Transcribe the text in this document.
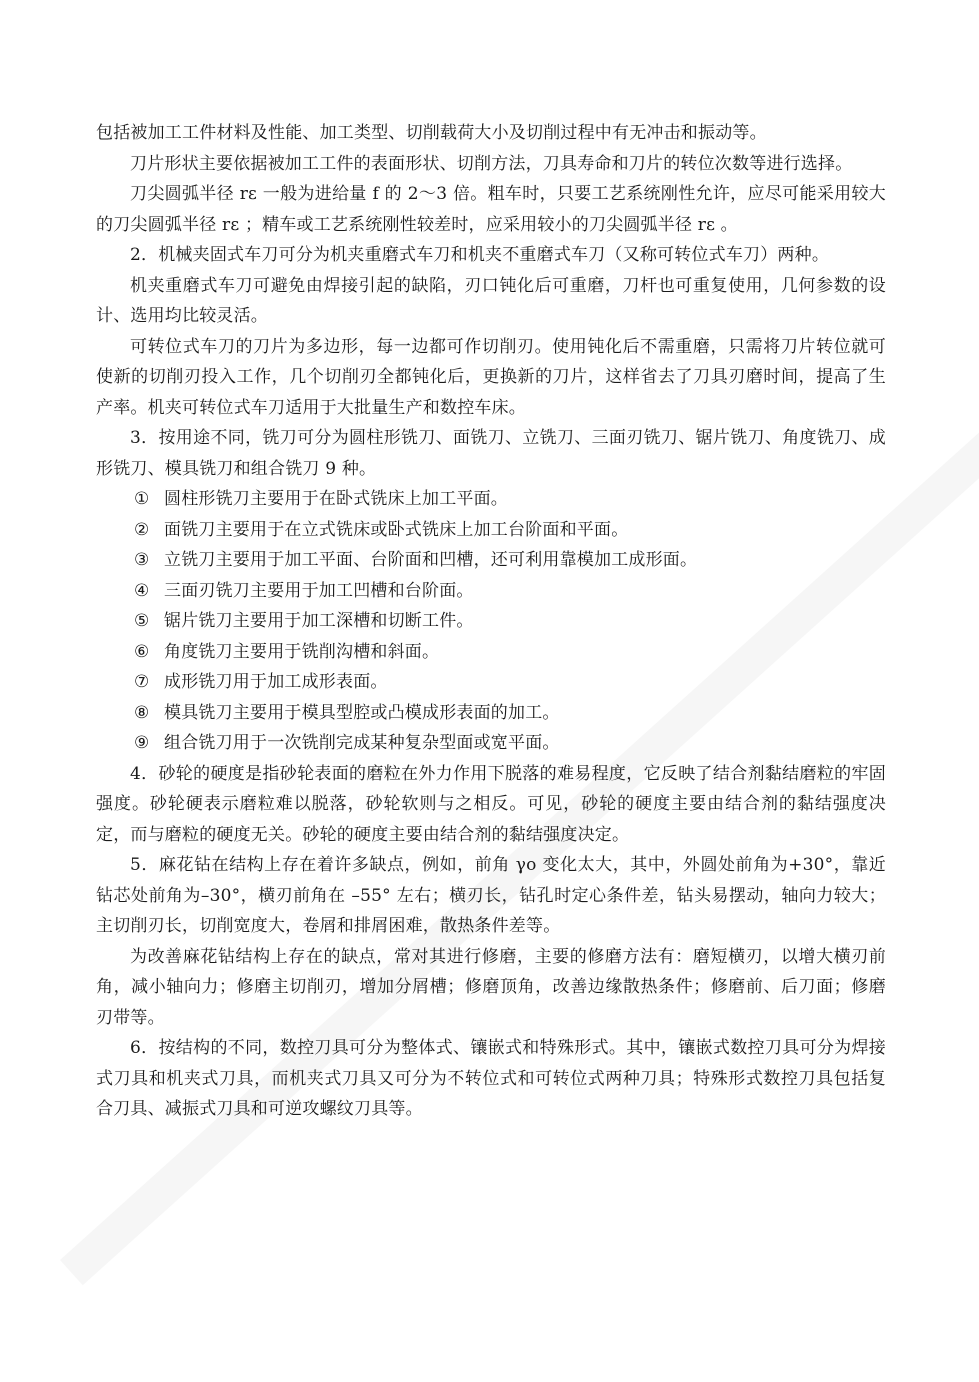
包括被加工工件材料及性能、加工类型、切削载荷大小及切削过程中有无冲击和振动等。

刀片形状主要依据被加工工件的表面形状、切削方法，刀具寿命和刀片的转位次数等进行选择。

刀尖圆弧半径 rε 一般为进给量 f 的 2～3 倍。粗车时，只要工艺系统刚性允许，应尽可能采用较大的刀尖圆弧半径 rε ；精车或工艺系统刚性较差时，应采用较小的刀尖圆弧半径 rε 。

2．机械夹固式车刀可分为机夹重磨式车刀和机夹不重磨式车刀（又称可转位式车刀）两种。

机夹重磨式车刀可避免由焊接引起的缺陷，刃口钝化后可重磨，刀杆也可重复使用，几何参数的设计、选用均比较灵活。

可转位式车刀的刀片为多边形，每一边都可作切削刃。使用钝化后不需重磨，只需将刀片转位就可使新的切削刃投入工作，几个切削刃全都钝化后，更换新的刀片，这样省去了刀具刃磨时间，提高了生产率。机夹可转位式车刀适用于大批量生产和数控车床。

3．按用途不同，铣刀可分为圆柱形铣刀、面铣刀、立铣刀、三面刃铣刀、锯片铣刀、角度铣刀、成形铣刀、模具铣刀和组合铣刀 9 种。

① 圆柱形铣刀主要用于在卧式铣床上加工平面。

② 面铣刀主要用于在立式铣床或卧式铣床上加工台阶面和平面。

③ 立铣刀主要用于加工平面、台阶面和凹槽，还可利用靠模加工成形面。

④ 三面刃铣刀主要用于加工凹槽和台阶面。

⑤ 锯片铣刀主要用于加工深槽和切断工件。

⑥ 角度铣刀主要用于铣削沟槽和斜面。

⑦ 成形铣刀用于加工成形表面。

⑧ 模具铣刀主要用于模具型腔或凸模成形表面的加工。

⑨ 组合铣刀用于一次铣削完成某种复杂型面或宽平面。

4．砂轮的硬度是指砂轮表面的磨粒在外力作用下脱落的难易程度，它反映了结合剂黏结磨粒的牢固强度。砂轮硬表示磨粒难以脱落，砂轮软则与之相反。可见，砂轮的硬度主要由结合剂的黏结强度决定，而与磨粒的硬度无关。砂轮的硬度主要由结合剂的黏结强度决定。

5．麻花钻在结构上存在着许多缺点，例如，前角 γo 变化太大，其中，外圆处前角为+30°，靠近钻芯处前角为–30°，横刃前角在 –55° 左右；横刃长，钻孔时定心条件差，钻头易摆动，轴向力较大；主切削刃长，切削宽度大，卷屑和排屑困难，散热条件差等。

为改善麻花钻结构上存在的缺点，常对其进行修磨，主要的修磨方法有：磨短横刃，以增大横刃前角，减小轴向力；修磨主切削刃，增加分屑槽；修磨顶角，改善边缘散热条件；修磨前、后刀面；修磨刃带等。

6．按结构的不同，数控刀具可分为整体式、镶嵌式和特殊形式。其中，镶嵌式数控刀具可分为焊接式刀具和机夹式刀具，而机夹式刀具又可分为不转位式和可转位式两种刀具；特殊形式数控刀具包括复合刀具、减振式刀具和可逆攻螺纹刀具等。
